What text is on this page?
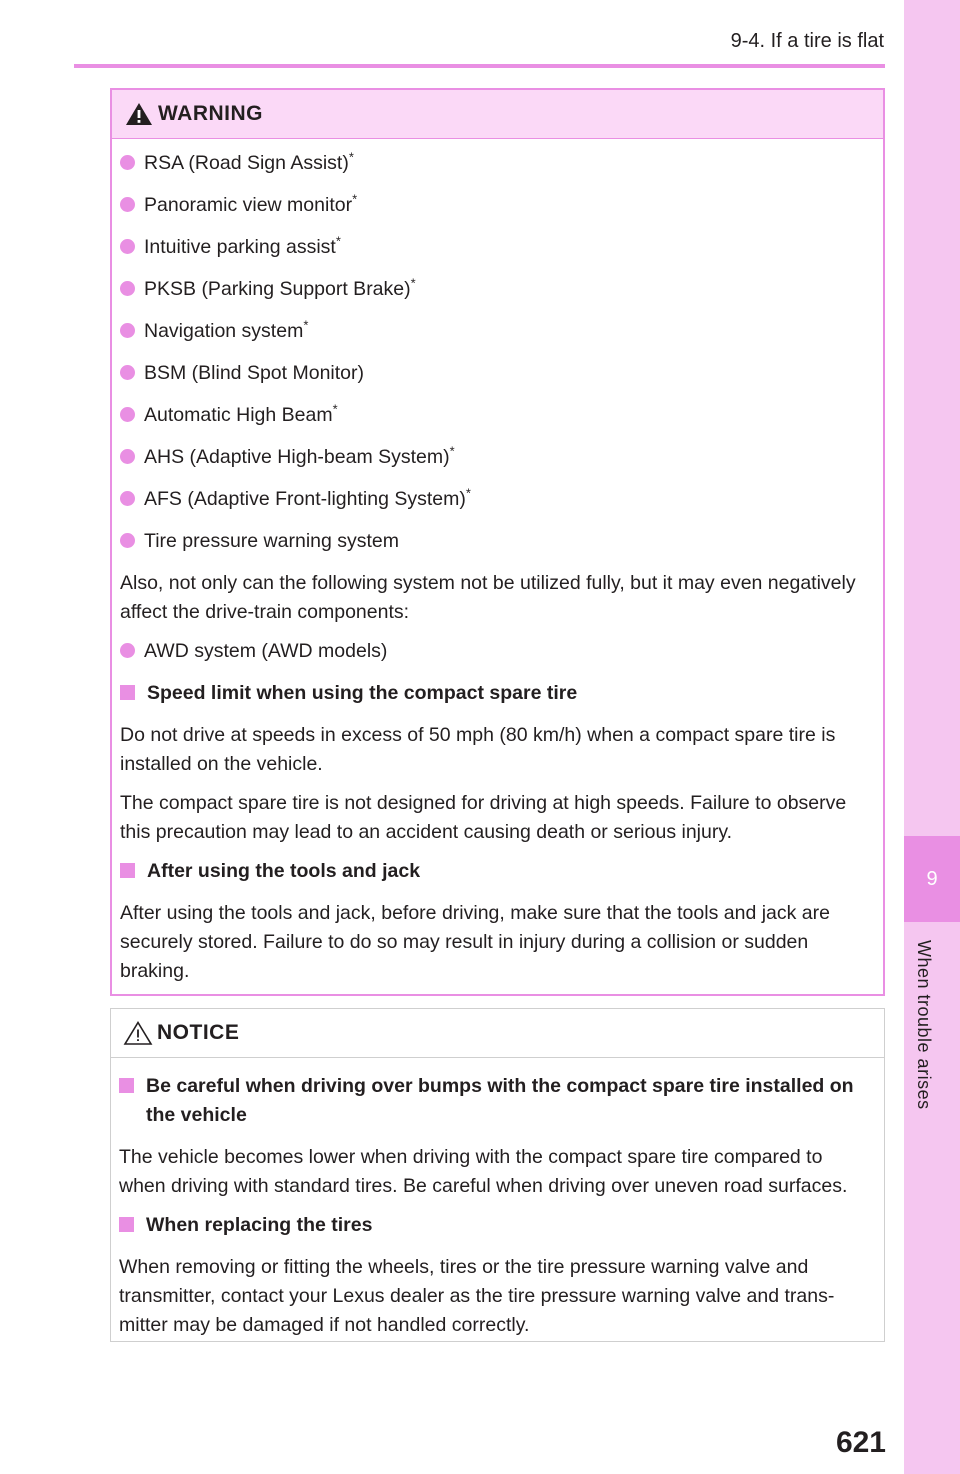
9-4. If a tire is flat
9
When trouble arises
WARNING
RSA (Road Sign Assist)*
Panoramic view monitor*
Intuitive parking assist*
PKSB (Parking Support Brake)*
Navigation system*
BSM (Blind Spot Monitor)
Automatic High Beam*
AHS (Adaptive High-beam System)*
AFS (Adaptive Front-lighting System)*
Tire pressure warning system

Also, not only can the following system not be utilized fully, but it may even negatively affect the drive-train components:

AWD system (AWD models)
Speed limit when using the compact spare tire

Do not drive at speeds in excess of 50 mph (80 km/h) when a compact spare tire is installed on the vehicle.

The compact spare tire is not designed for driving at high speeds. Failure to observe this precaution may lead to an accident causing death or serious injury.

After using the tools and jack

After using the tools and jack, before driving, make sure that the tools and jack are securely stored. Failure to do so may result in injury during a collision or sudden braking.

NOTICE
Be careful when driving over bumps with the compact spare tire installed on the vehicle

The vehicle becomes lower when driving with the compact spare tire compared to when driving with standard tires. Be careful when driving over uneven road surfaces.

When replacing the tires

When removing or fitting the wheels, tires or the tire pressure warning valve and transmitter, contact your Lexus dealer as the tire pressure warning valve and trans-mitter may be damaged if not handled correctly.

621
